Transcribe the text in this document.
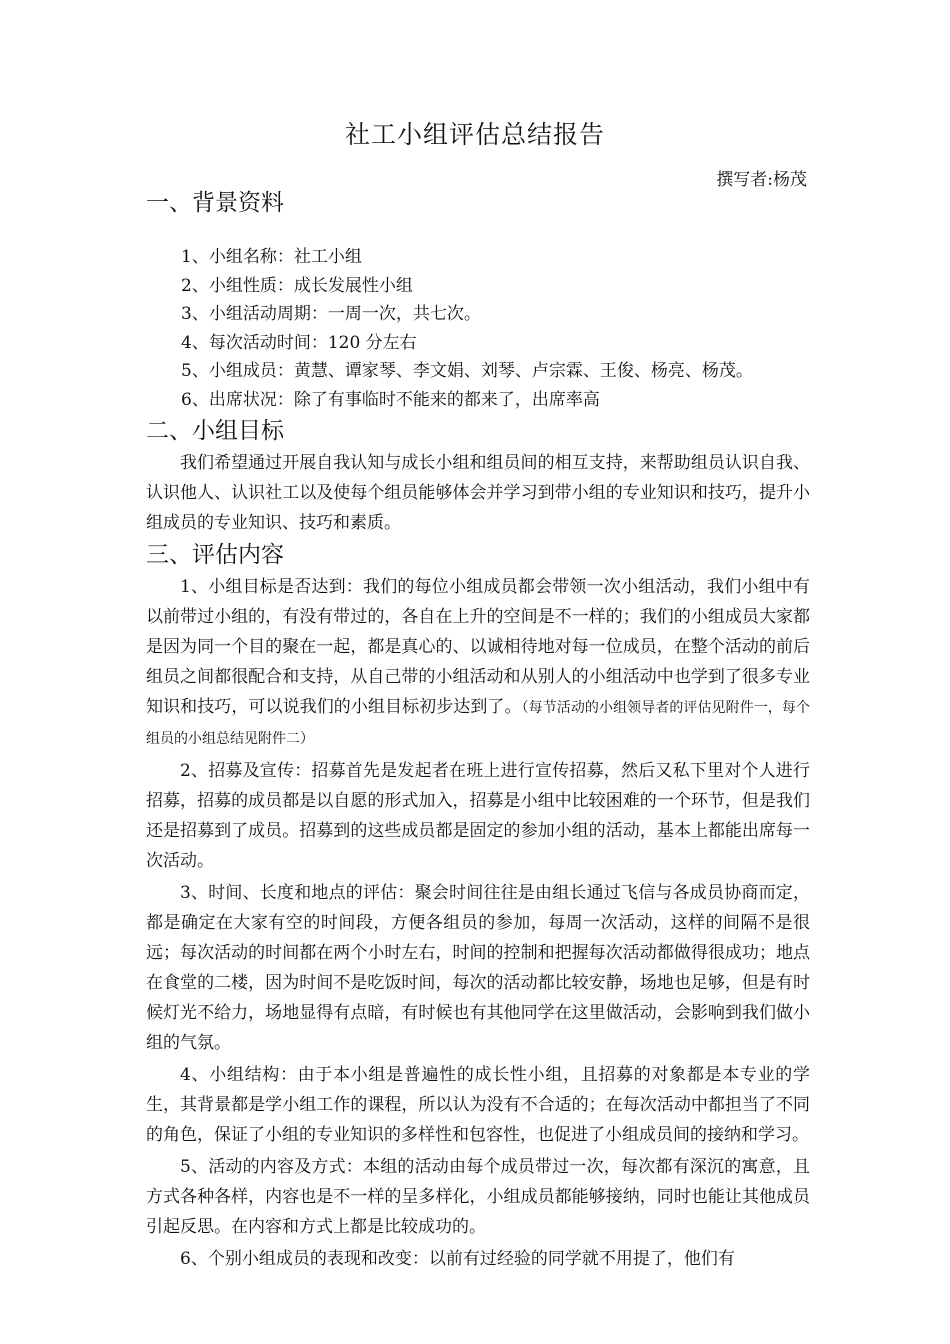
社工小组评估总结报告
撰写者:杨茂
一、背景资料
1、小组名称：社工小组
2、小组性质：成长发展性小组
3、小组活动周期：一周一次，共七次。
4、每次活动时间：120 分左右
5、小组成员：黄慧、谭家琴、李文娟、刘琴、卢宗霖、王俊、杨亮、杨茂。
6、出席状况：除了有事临时不能来的都来了，出席率高
二、小组目标

我们希望通过开展自我认知与成长小组和组员间的相互支持，来帮助组员认识自我、认识他人、认识社工以及使每个组员能够体会并学习到带小组的专业知识和技巧，提升小组成员的专业知识、技巧和素质。

三、评估内容

1、小组目标是否达到：我们的每位小组成员都会带领一次小组活动，我们小组中有以前带过小组的，有没有带过的，各自在上升的空间是不一样的；我们的小组成员大家都是因为同一个目的聚在一起，都是真心的、以诚相待地对每一位成员，在整个活动的前后组员之间都很配合和支持，从自己带的小组活动和从别人的小组活动中也学到了很多专业知识和技巧，可以说我们的小组目标初步达到了。（每节活动的小组领导者的评估见附件一，每个组员的小组总结见附件二）

2、招募及宣传：招募首先是发起者在班上进行宣传招募，然后又私下里对个人进行招募，招募的成员都是以自愿的形式加入，招募是小组中比较困难的一个环节，但是我们还是招募到了成员。招募到的这些成员都是固定的参加小组的活动，基本上都能出席每一次活动。

3、时间、长度和地点的评估：聚会时间往往是由组长通过飞信与各成员协商而定，都是确定在大家有空的时间段，方便各组员的参加，每周一次活动，这样的间隔不是很远；每次活动的时间都在两个小时左右，时间的控制和把握每次活动都做得很成功；地点在食堂的二楼，因为时间不是吃饭时间，每次的活动都比较安静，场地也足够，但是有时候灯光不给力，场地显得有点暗，有时候也有其他同学在这里做活动，会影响到我们做小组的气氛。

4、小组结构：由于本小组是普遍性的成长性小组，且招募的对象都是本专业的学生，其背景都是学小组工作的课程，所以认为没有不合适的；在每次活动中都担当了不同的角色，保证了小组的专业知识的多样性和包容性，也促进了小组成员间的接纳和学习。

5、活动的内容及方式：本组的活动由每个成员带过一次，每次都有深沉的寓意，且方式各种各样，内容也是不一样的呈多样化，小组成员都能够接纳，同时也能让其他成员引起反思。在内容和方式上都是比较成功的。

6、个别小组成员的表现和改变：以前有过经验的同学就不用提了，他们有
